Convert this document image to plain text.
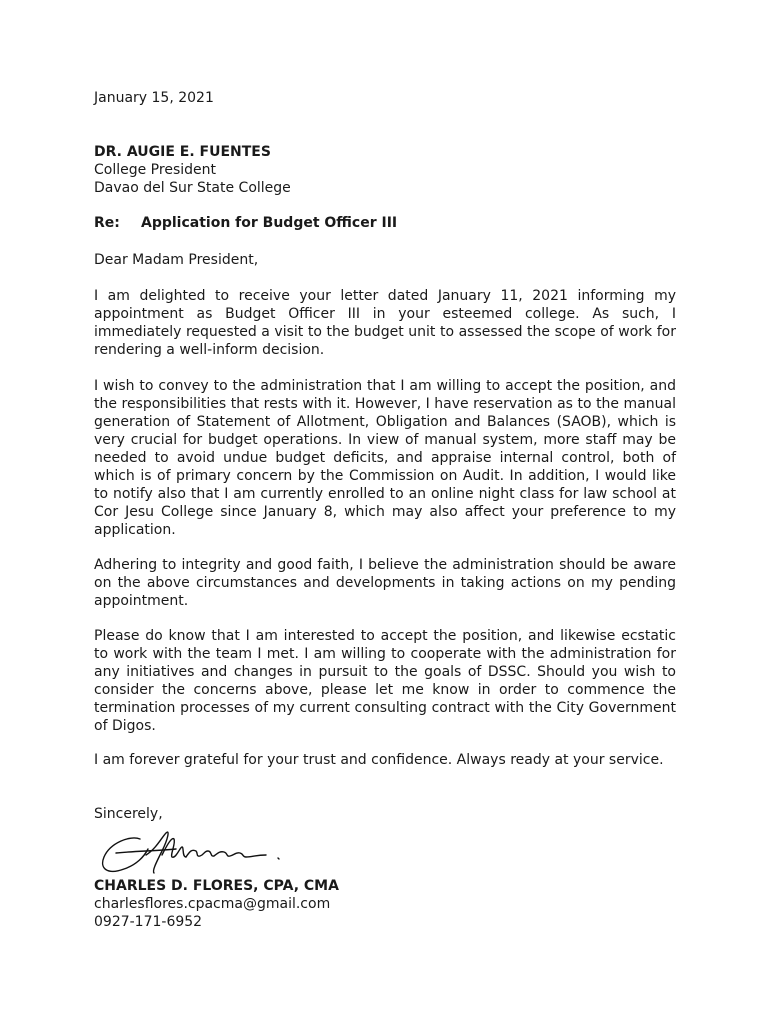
January 15, 2021
DR. AUGIE E. FUENTES
College President
Davao del Sur State College
Re: Application for Budget Officer III
Dear Madam President,
I am delighted to receive your letter dated January 11, 2021 informing my appointment as Budget Officer III in your esteemed college. As such, I immediately requested a visit to the budget unit to assessed the scope of work for rendering a well-inform decision.
I wish to convey to the administration that I am willing to accept the position, and the responsibilities that rests with it. However, I have reservation as to the manual generation of Statement of Allotment, Obligation and Balances (SAOB), which is very crucial for budget operations. In view of manual system, more staff may be needed to avoid undue budget deficits, and appraise internal control, both of which is of primary concern by the Commission on Audit. In addition, I would like to notify also that I am currently enrolled to an online night class for law school at Cor Jesu College since January 8, which may also affect your preference to my application.
Adhering to integrity and good faith, I believe the administration should be aware on the above circumstances and developments in taking actions on my pending appointment.
Please do know that I am interested to accept the position, and likewise ecstatic to work with the team I met. I am willing to cooperate with the administration for any initiatives and changes in pursuit to the goals of DSSC. Should you wish to consider the concerns above, please let me know in order to commence the termination processes of my current consulting contract with the City Government of Digos.
I am forever grateful for your trust and confidence. Always ready at your service.
Sincerely,
CHARLES D. FLORES, CPA, CMA
charlesflores.cpacma@gmail.com
0927-171-6952
